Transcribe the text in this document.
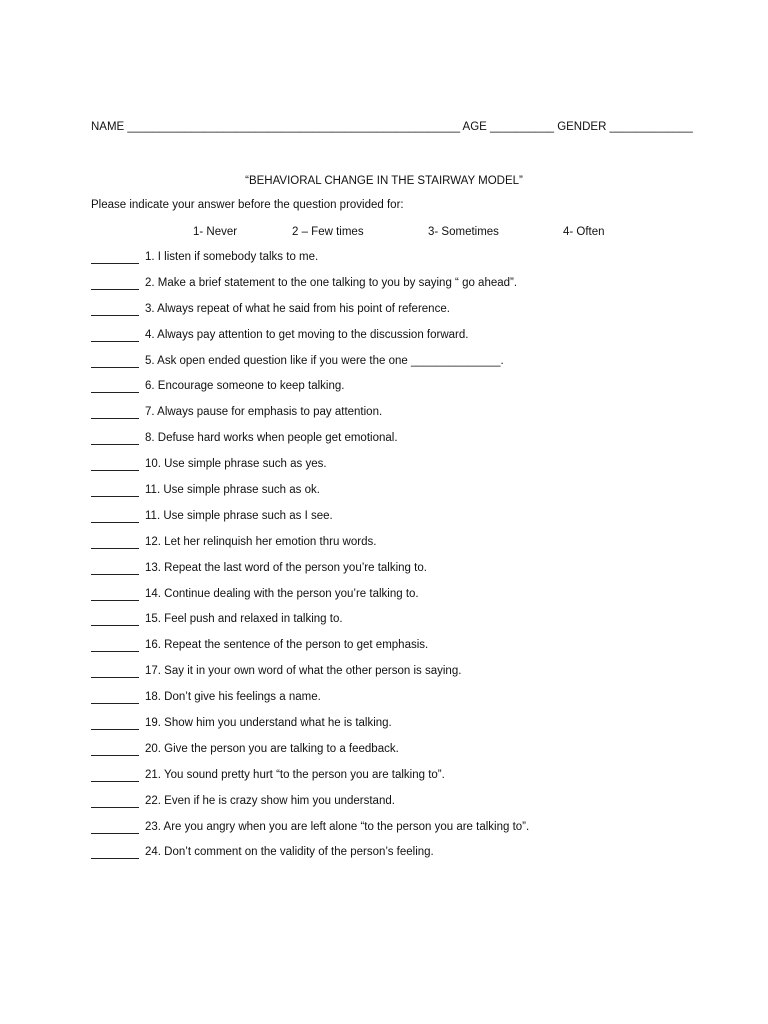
NAME ____________________________________________________ AGE __________ GENDER _____________
“BEHAVIORAL CHANGE IN THE STAIRWAY MODEL”
Please indicate your answer before the question provided for:
1- Never	2 – Few times	3- Sometimes	4- Often
1. I listen if somebody talks to me.
2. Make a brief statement to the one talking to you by saying “ go ahead”.
3. Always repeat of what he said from his point of reference.
4. Always pay attention to get moving to the discussion forward.
5. Ask open ended question like if you were the one ______________.
6. Encourage someone to keep talking.
7. Always pause for emphasis to pay attention.
8. Defuse hard works when people get emotional.
10. Use simple phrase such as yes.
11. Use simple phrase such as ok.
11. Use simple phrase such as I see.
12. Let her relinquish her emotion thru words.
13. Repeat the last word of the person you’re talking to.
14. Continue dealing with the person you’re talking to.
15. Feel push and relaxed in talking to.
16. Repeat the sentence of the person to get emphasis.
17. Say it in your own word of what the other person is saying.
18. Don’t give his feelings a name.
19. Show him you understand what he is talking.
20. Give the person you are talking to a feedback.
21. You sound pretty hurt “to the person you are talking to”.
22. Even if he is crazy show him you understand.
23. Are you angry when you are left alone “to the person you are talking to”.
24. Don’t comment on the validity of the person’s feeling.
